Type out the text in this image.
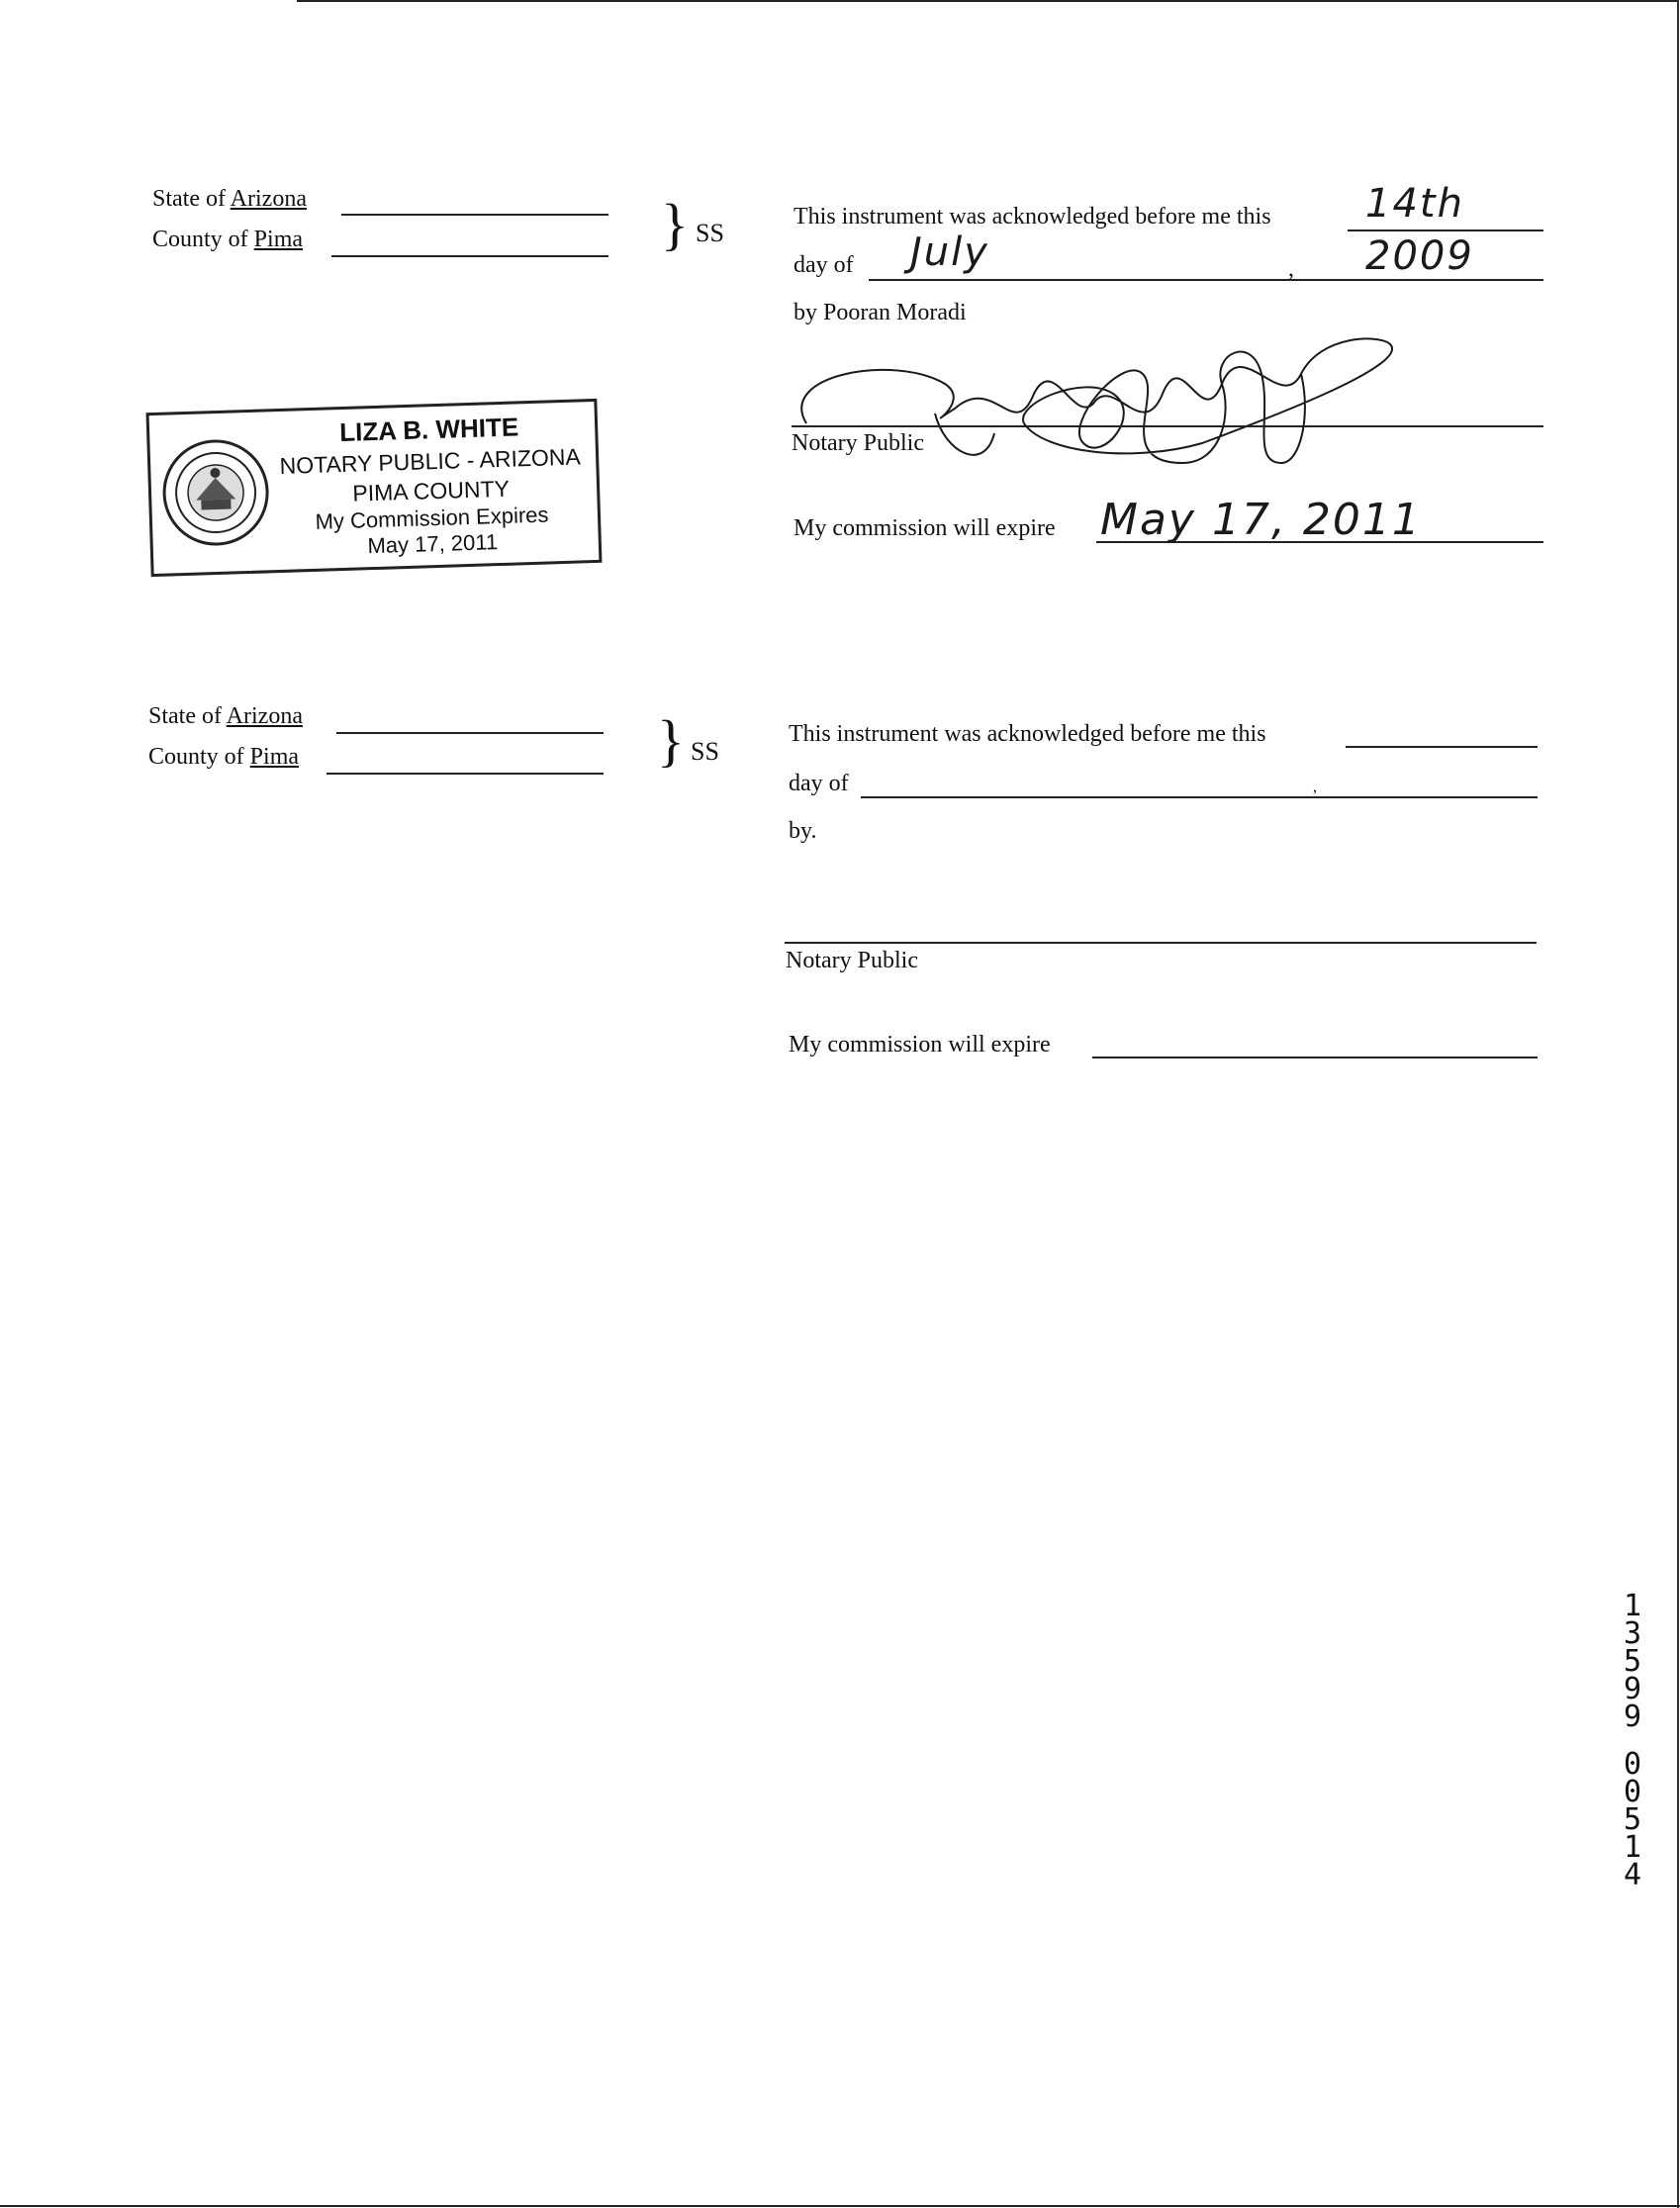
State of Arizona
County of Pima	} SS
This instrument was acknowledged before me this 14th
day of July	, 2009
by Pooran Moradi
Notary Public
My commission will expire May 17, 2011
LIZA B. WHITE
NOTARY PUBLIC - ARIZONA
PIMA COUNTY
My Commission Expires
May 17, 2011
State of Arizona
County of Pima	} SS
This instrument was acknowledged before me this
day of	,
by.
Notary Public
My commission will expire
1
3
5
9
9
0
0
5
1
4
